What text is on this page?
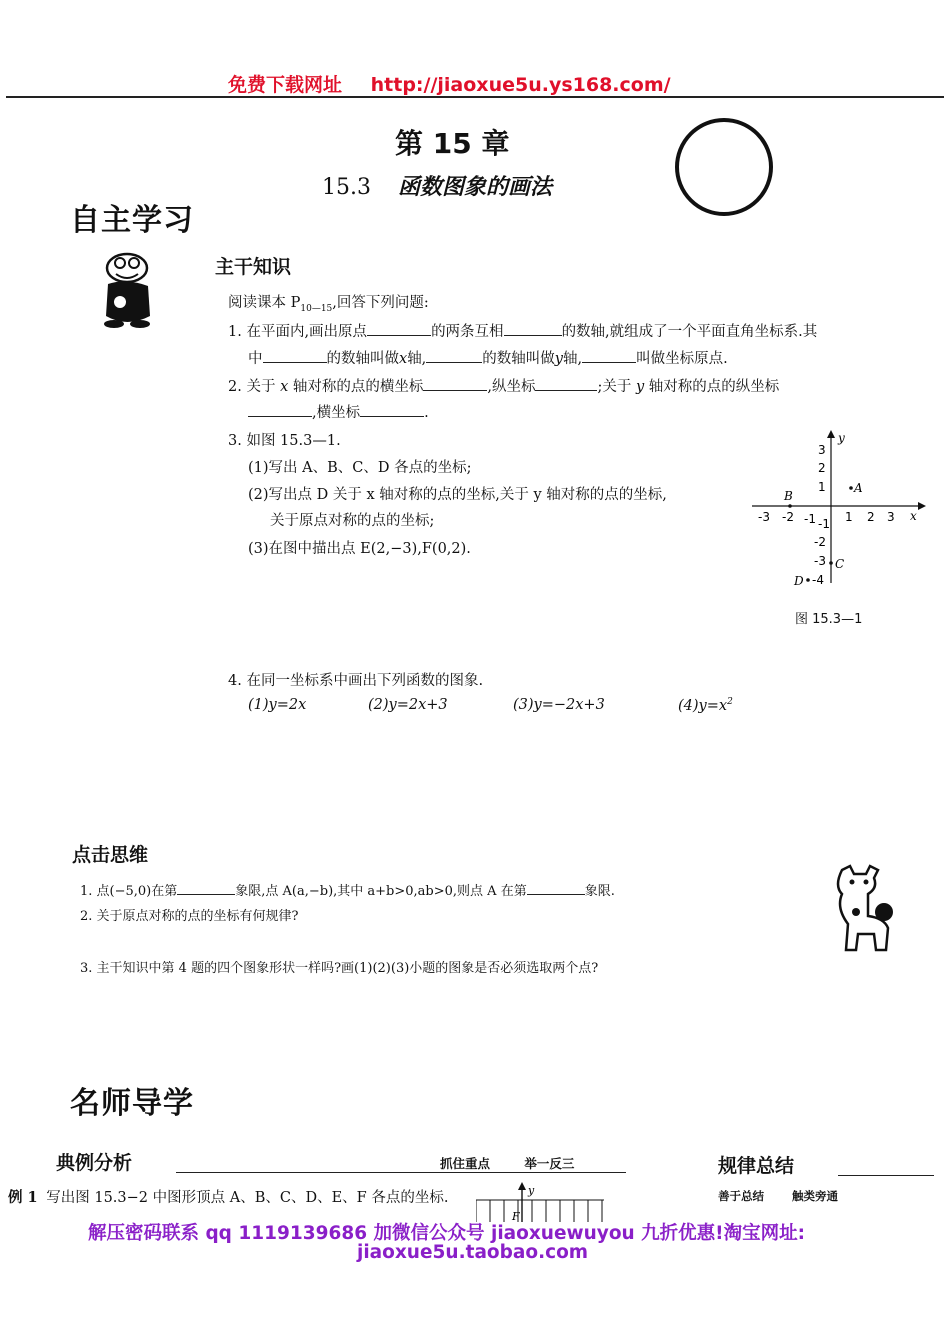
免费下载网址 http://jiaoxue5u.ys168.com/
第 15 章
15.3 函数图象的画法
自主学习
主干知识
阅读课本 $P_{10—15}$,回答下列问题:
1. 在平面内,画出原点	的两条互相	的数轴,就组成了一个平面直角坐标系.其
中	的数轴叫做x轴,	的数轴叫做y轴,	叫做坐标原点.
2. 关于 x 轴对称的点的横坐标	,纵坐标	;关于 y 轴对称的点的纵坐标
,横坐标	.
3. 如图 15.3—1.
(1)写出 A、B、C、D 各点的坐标;
(2)写出点 D 关于 x 轴对称的点的坐标,关于 y 轴对称的点的坐标,
关于原点对称的点的坐标;
(3)在图中描出点 E(2,−3),F(0,2).
x
y
-3 -2 -1 1 2 3
3
2
1
-1
-2
-3
-4
A
B
C
D
图 15.3—1
4. 在同一坐标系中画出下列函数的图象.
(1)y=2x	(2)y=2x+3	(3)y=−2x+3	$(4)y=x^2$
点击思维
1. 点(−5,0)在第	象限,点 A(a,−b),其中 a+b>0,ab>0,则点 A 在第	象限.
2. 关于原点对称的点的坐标有何规律?
3. 主干知识中第 4 题的四个图象形状一样吗?画(1)(2)(3)小题的图象是否必须选取两个点?
名师导学
典例分析	抓住重点	举一反三	规律总结
善于总结 触类旁通
例 1 写出图 15.3−2 中图形顶点 A、B、C、D、E、F 各点的坐标.	y
F
解压密码联系 qq 1119139686 加微信公众号 jiaoxuewuyou 九折优惠!淘宝网址:
jiaoxue5u.taobao.com
